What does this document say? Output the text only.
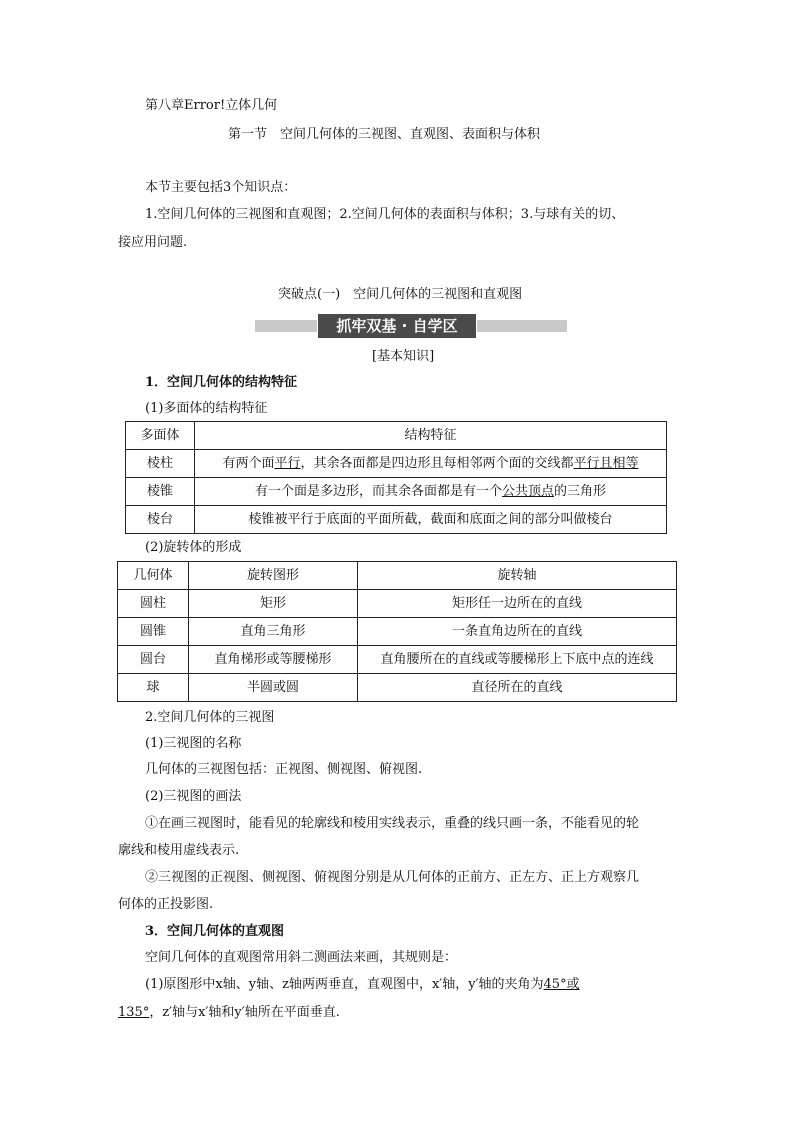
第八章Error!立体几何
第一节　空间几何体的三视图、直观图、表面积与体积
本节主要包括3个知识点：
1.空间几何体的三视图和直观图；2.空间几何体的表面积与体积；3.与球有关的切、
接应用问题.
突破点(一)　空间几何体的三视图和直观图
抓牢双基 · 自学区
[基本知识]
1．空间几何体的结构特征
(1)多面体的结构特征
多面体	结构特征
棱柱	有两个面平行，其余各面都是四边形且每相邻两个面的交线都平行且相等
棱锥	有一个面是多边形，而其余各面都是有一个公共顶点的三角形
棱台	棱锥被平行于底面的平面所截，截面和底面之间的部分叫做棱台
(2)旋转体的形成
几何体	旋转图形	旋转轴
圆柱	矩形	矩形任一边所在的直线
圆锥	直角三角形	一条直角边所在的直线
圆台	直角梯形或等腰梯形	直角腰所在的直线或等腰梯形上下底中点的连线
球	半圆或圆	直径所在的直线
2.空间几何体的三视图
(1)三视图的名称
几何体的三视图包括：正视图、侧视图、俯视图.
(2)三视图的画法
①在画三视图时，能看见的轮廓线和棱用实线表示，重叠的线只画一条，不能看见的轮
廓线和棱用虚线表示.
②三视图的正视图、侧视图、俯视图分别是从几何体的正前方、正左方、正上方观察几
何体的正投影图.
3．空间几何体的直观图
空间几何体的直观图常用斜二测画法来画，其规则是：
(1)原图形中x轴、y轴、z轴两两垂直，直观图中，x′轴，y′轴的夹角为45°或
135°，z′轴与x′轴和y′轴所在平面垂直.
